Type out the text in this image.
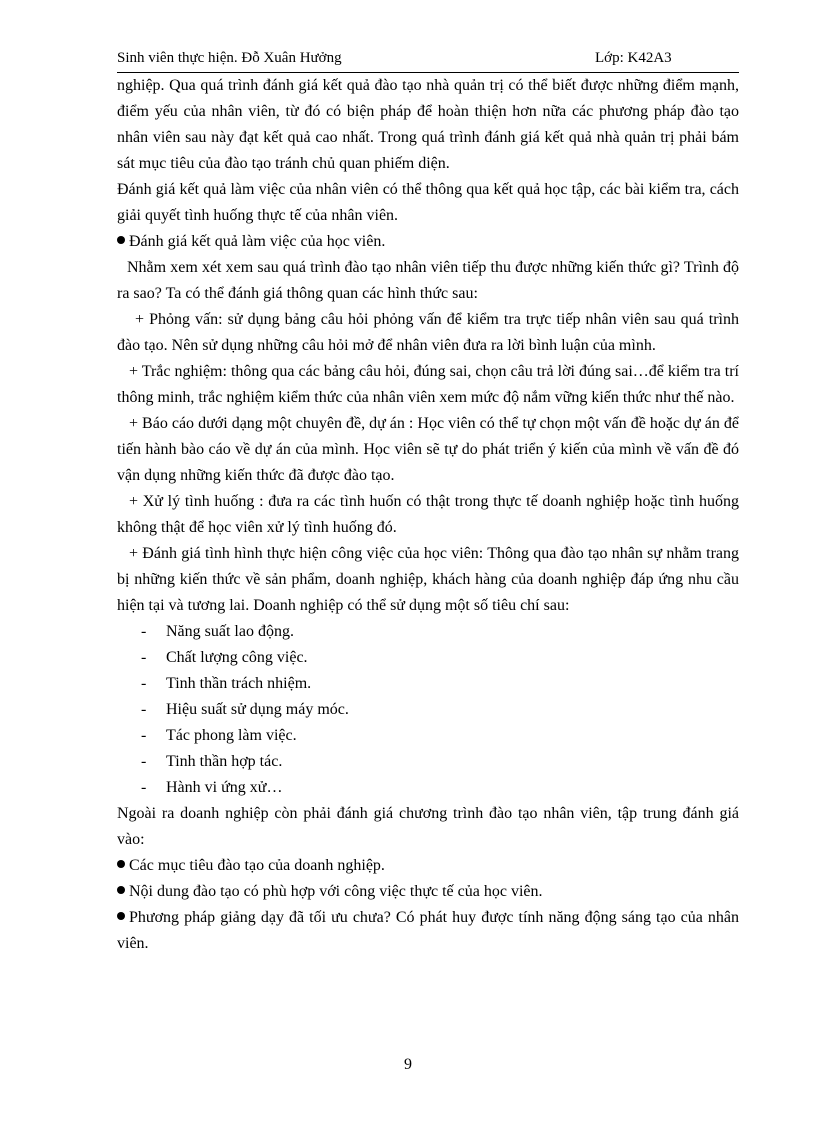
Sinh viên thực hiện. Đỗ Xuân Hưởng	Lớp: K42A3

nghiệp. Qua quá trình đánh giá kết quả đào tạo nhà quản trị có thể biết được những điểm mạnh, điểm yếu của nhân viên, từ đó có biện pháp để hoàn thiện hơn nữa các phương pháp đào tạo nhân viên sau này đạt kết quả cao nhất. Trong quá trình đánh giá kết quả nhà quản trị phải bám sát mục tiêu của đào tạo tránh chủ quan phiếm diện.

Đánh giá kết quả làm việc của nhân viên có thể thông qua kết quả học tập, các bài kiểm tra, cách giải quyết tình huống thực tế của nhân viên.

Đánh giá kết quả làm việc của học viên.

Nhằm xem xét xem sau quá trình đào tạo nhân viên tiếp thu được những kiến thức gì? Trình độ ra sao? Ta có thể đánh giá thông quan các hình thức sau:

+ Phỏng vấn: sử dụng bảng câu hỏi phỏng vấn để kiểm tra trực tiếp nhân viên sau quá trình đào tạo. Nên sử dụng những câu hỏi mở để nhân viên đưa ra lời bình luận của mình.

+ Trắc nghiệm: thông qua các bảng câu hỏi, đúng sai, chọn câu trả lời đúng sai…để kiểm tra trí thông minh, trắc nghiệm kiểm thức của nhân viên xem mức độ nắm vững kiến thức như thế nào.

+ Báo cáo dưới dạng một chuyên đề, dự án : Học viên có thể tự chọn một vấn đề hoặc dự án để tiến hành bào cáo về dự án của mình. Học viên sẽ tự do phát triển ý kiến của mình về vấn đề đó vận dụng những kiến thức đã được đào tạo.

+ Xử lý tình huống : đưa ra các tình huốn có thật trong thực tế doanh nghiệp hoặc tình huống không thật để học viên xử lý tình huống đó.

+ Đánh giá tình hình thực hiện công việc của học viên: Thông qua đào tạo nhân sự nhằm trang bị những kiến thức về sản phẩm, doanh nghiệp, khách hàng của doanh nghiệp đáp ứng nhu cầu hiện tại và tương lai. Doanh nghiệp có thể sử dụng một số tiêu chí sau:

- Năng suất lao động.

- Chất lượng công việc.

- Tinh thần trách nhiệm.

- Hiệu suất sử dụng máy móc.

- Tác phong làm việc.

- Tinh thần hợp tác.

- Hành vi ứng xử…

Ngoài ra doanh nghiệp còn phải đánh giá chương trình đào tạo nhân viên, tập trung đánh giá vào:

Các mục tiêu đào tạo của doanh nghiệp.

Nội dung đào tạo có phù hợp với công việc thực tế của học viên.

Phương pháp giảng dạy đã tối ưu chưa? Có phát huy được tính năng động sáng tạo của nhân viên.

9
